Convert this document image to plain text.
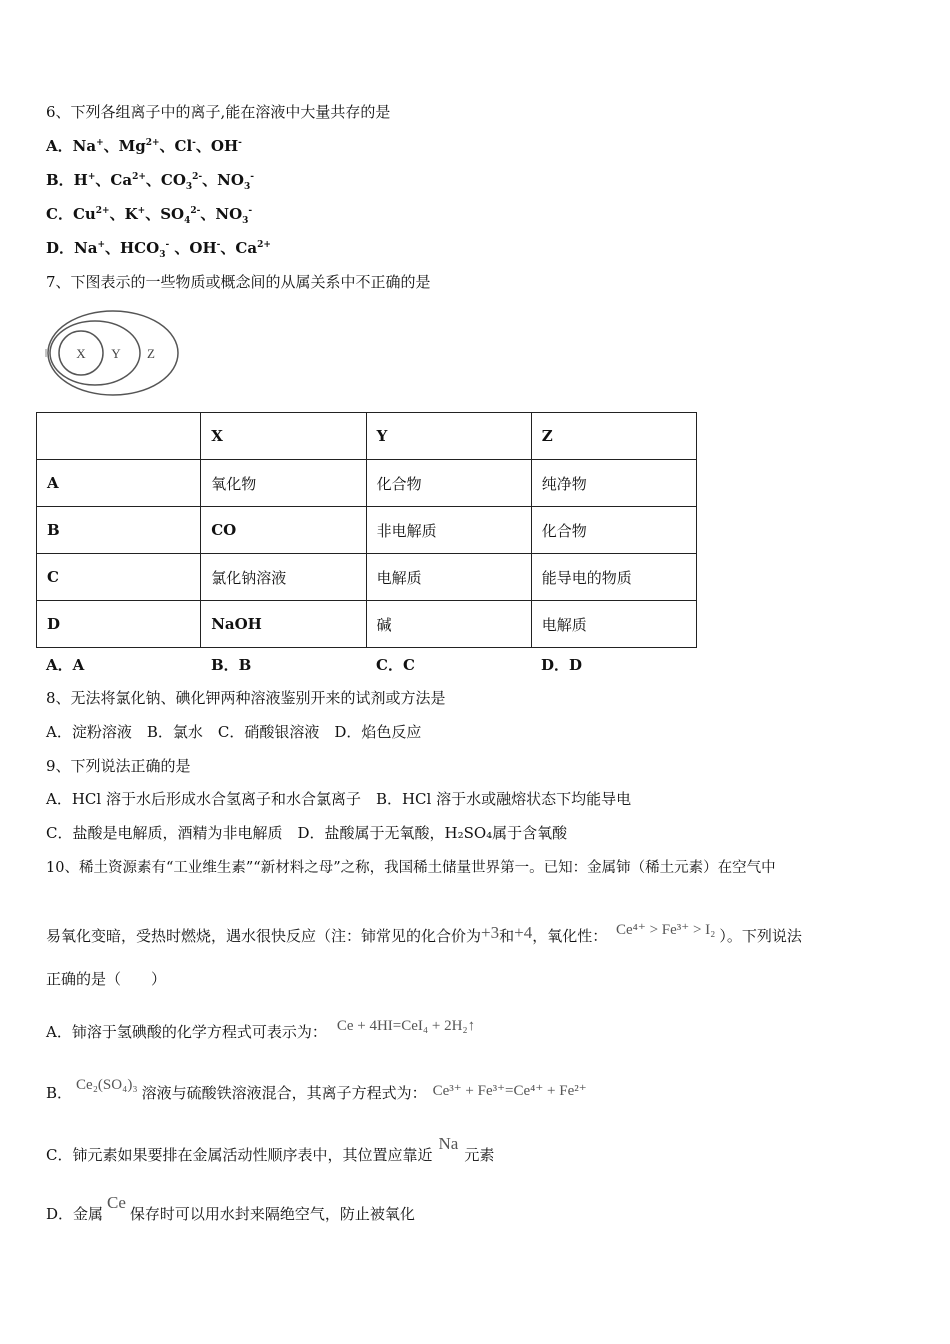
6、下列各组离子中的离子,能在溶液中大量共存的是
A．Na+、$Mg^{2+}$、Cl-、OH-
B．H+、$Ca^{2+}$、$CO_3^{2-}$、$NO_3^-$
C．$Cu^{2+}$、K+、$SO_4^{2-}$、$NO_3^-$
D．Na+、$HCO_3^-$ 、OH-、$Ca^{2+}$
7、下图表示的一些物质或概念间的从属关系中不正确的是
X Y Z
	X	Y	Z
A	氧化物	化合物	纯净物
B	CO	非电解质	化合物
C	氯化钠溶液	电解质	能导电的物质
D	NaOH	碱	电解质
A．A	B．B	C．C	D．D
8、无法将氯化钠、碘化钾两种溶液鉴别开来的试剂或方法是
A．淀粉溶液　B．氯水　C．硝酸银溶液　D．焰色反应
9、下列说法正确的是
A．HCl 溶于水后形成水合氢离子和水合氯离子　B．HCl 溶于水或融熔状态下均能导电
C．盐酸是电解质，酒精为非电解质　D．盐酸属于无氧酸，H₂SO₄属于含氧酸
10、稀土资源素有“工业维生素”“新材料之母”之称，我国稀土储量世界第一。已知：金属铈（稀土元素）在空气中
易氧化变暗，受热时燃烧，遇水很快反应（注：铈常见的化合价为+3和+4，氧化性： Ce⁴⁺ > Fe³⁺ > I₂ ）。下列说法
正确的是（　　）
A．铈溶于氢碘酸的化学方程式可表示为： Ce + 4HI=CeI₄ + 2H₂↑
B． Ce₂(SO₄)₃ 溶液与硫酸铁溶液混合，其离子方程式为： Ce³⁺ + Fe³⁺=Ce⁴⁺ + Fe²⁺
C．铈元素如果要排在金属活动性顺序表中，其位置应靠近Na元素
D．金属Ce保存时可以用水封来隔绝空气，防止被氧化
